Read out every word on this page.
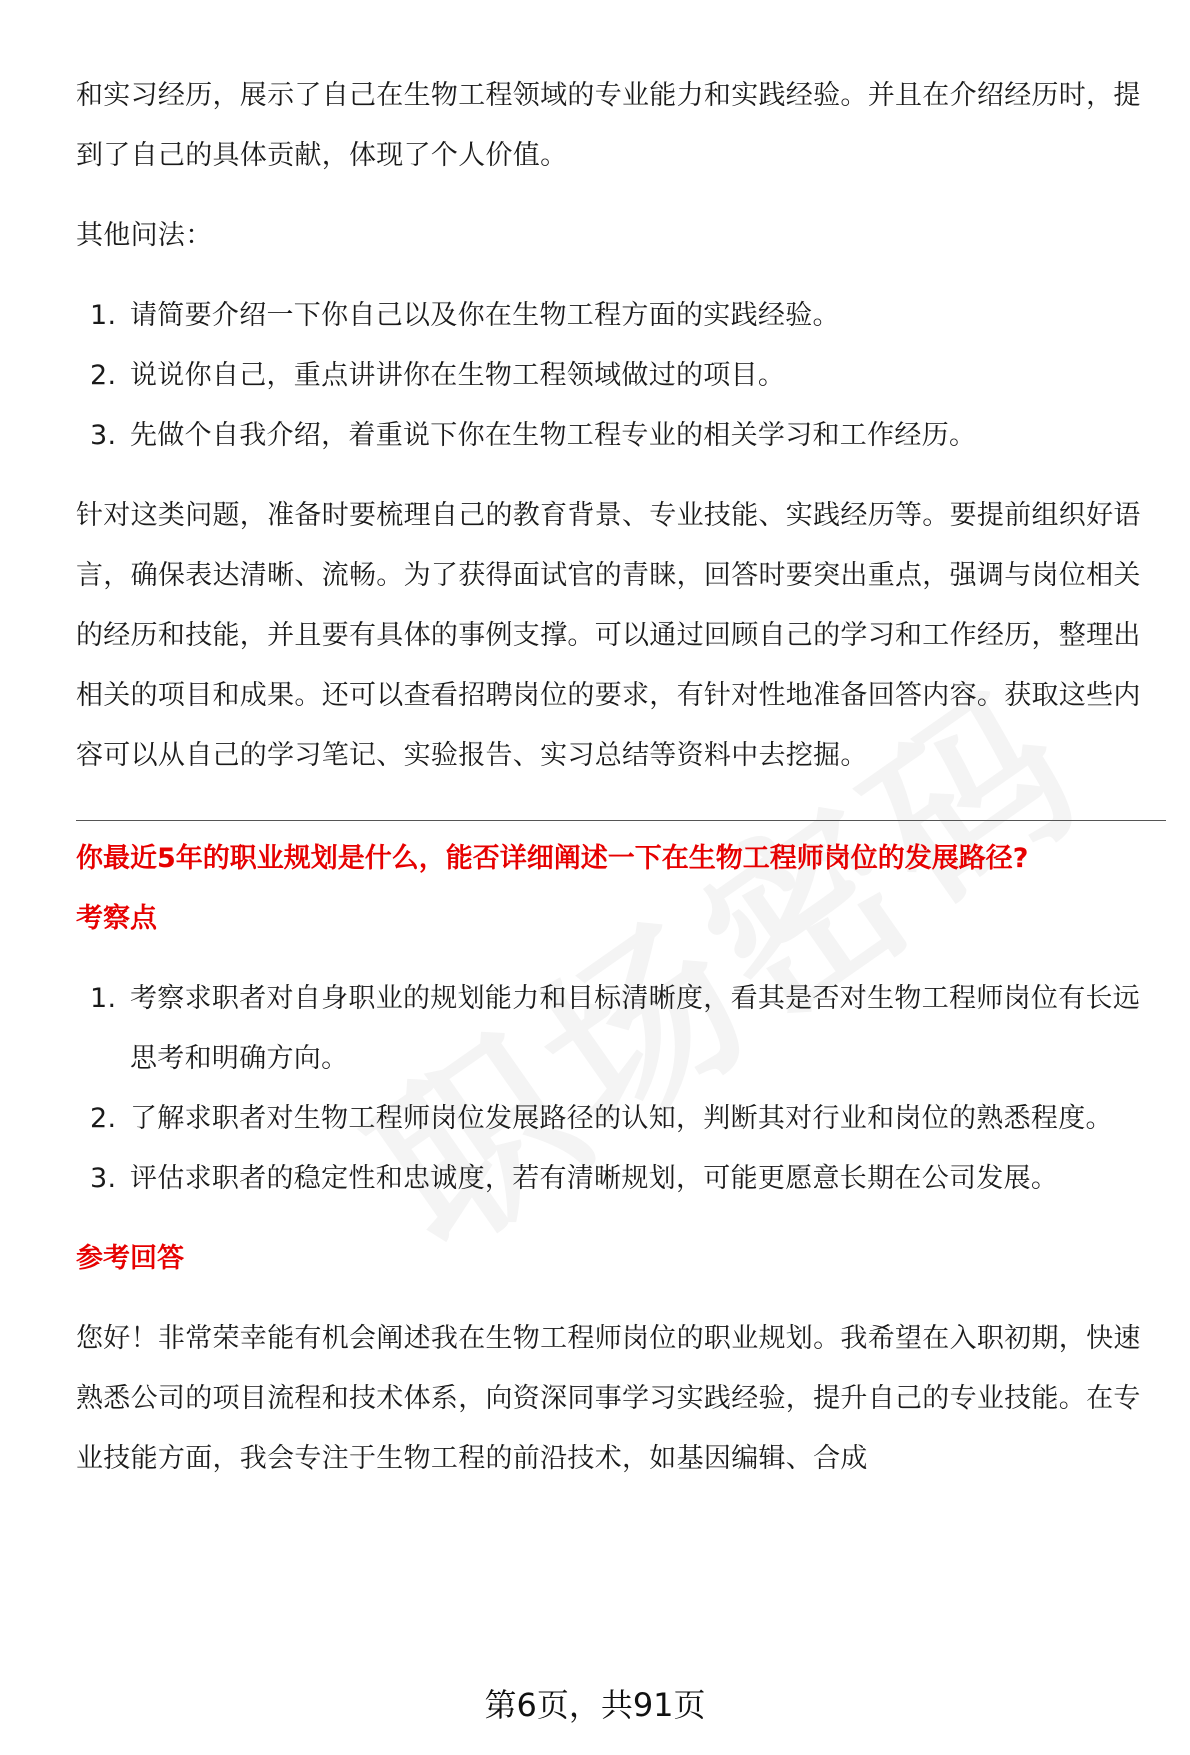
和实习经历，展示了自己在生物工程领域的专业能力和实践经验。并且在介绍经历时，提到了自己的具体贡献，体现了个人价值。

其他问法：

1. 请简要介绍一下你自己以及你在生物工程方面的实践经验。
2. 说说你自己，重点讲讲你在生物工程领域做过的项目。
3. 先做个自我介绍，着重说下你在生物工程专业的相关学习和工作经历。

针对这类问题，准备时要梳理自己的教育背景、专业技能、实践经历等。要提前组织好语言，确保表达清晰、流畅。为了获得面试官的青睐，回答时要突出重点，强调与岗位相关的经历和技能，并且要有具体的事例支撑。可以通过回顾自己的学习和工作经历，整理出相关的项目和成果。还可以查看招聘岗位的要求，有针对性地准备回答内容。获取这些内容可以从自己的学习笔记、实验报告、实习总结等资料中去挖掘。

你最近5年的职业规划是什么，能否详细阐述一下在生物工程师岗位的发展路径?

考察点

1. 考察求职者对自身职业的规划能力和目标清晰度，看其是否对生物工程师岗位有长远思考和明确方向。
2. 了解求职者对生物工程师岗位发展路径的认知，判断其对行业和岗位的熟悉程度。
3. 评估求职者的稳定性和忠诚度，若有清晰规划，可能更愿意长期在公司发展。

参考回答

您好！非常荣幸能有机会阐述我在生物工程师岗位的职业规划。我希望在入职初期，快速熟悉公司的项目流程和技术体系，向资深同事学习实践经验，提升自己的专业技能。在专业技能方面，我会专注于生物工程的前沿技术，如基因编辑、合成

第6页，共91页
